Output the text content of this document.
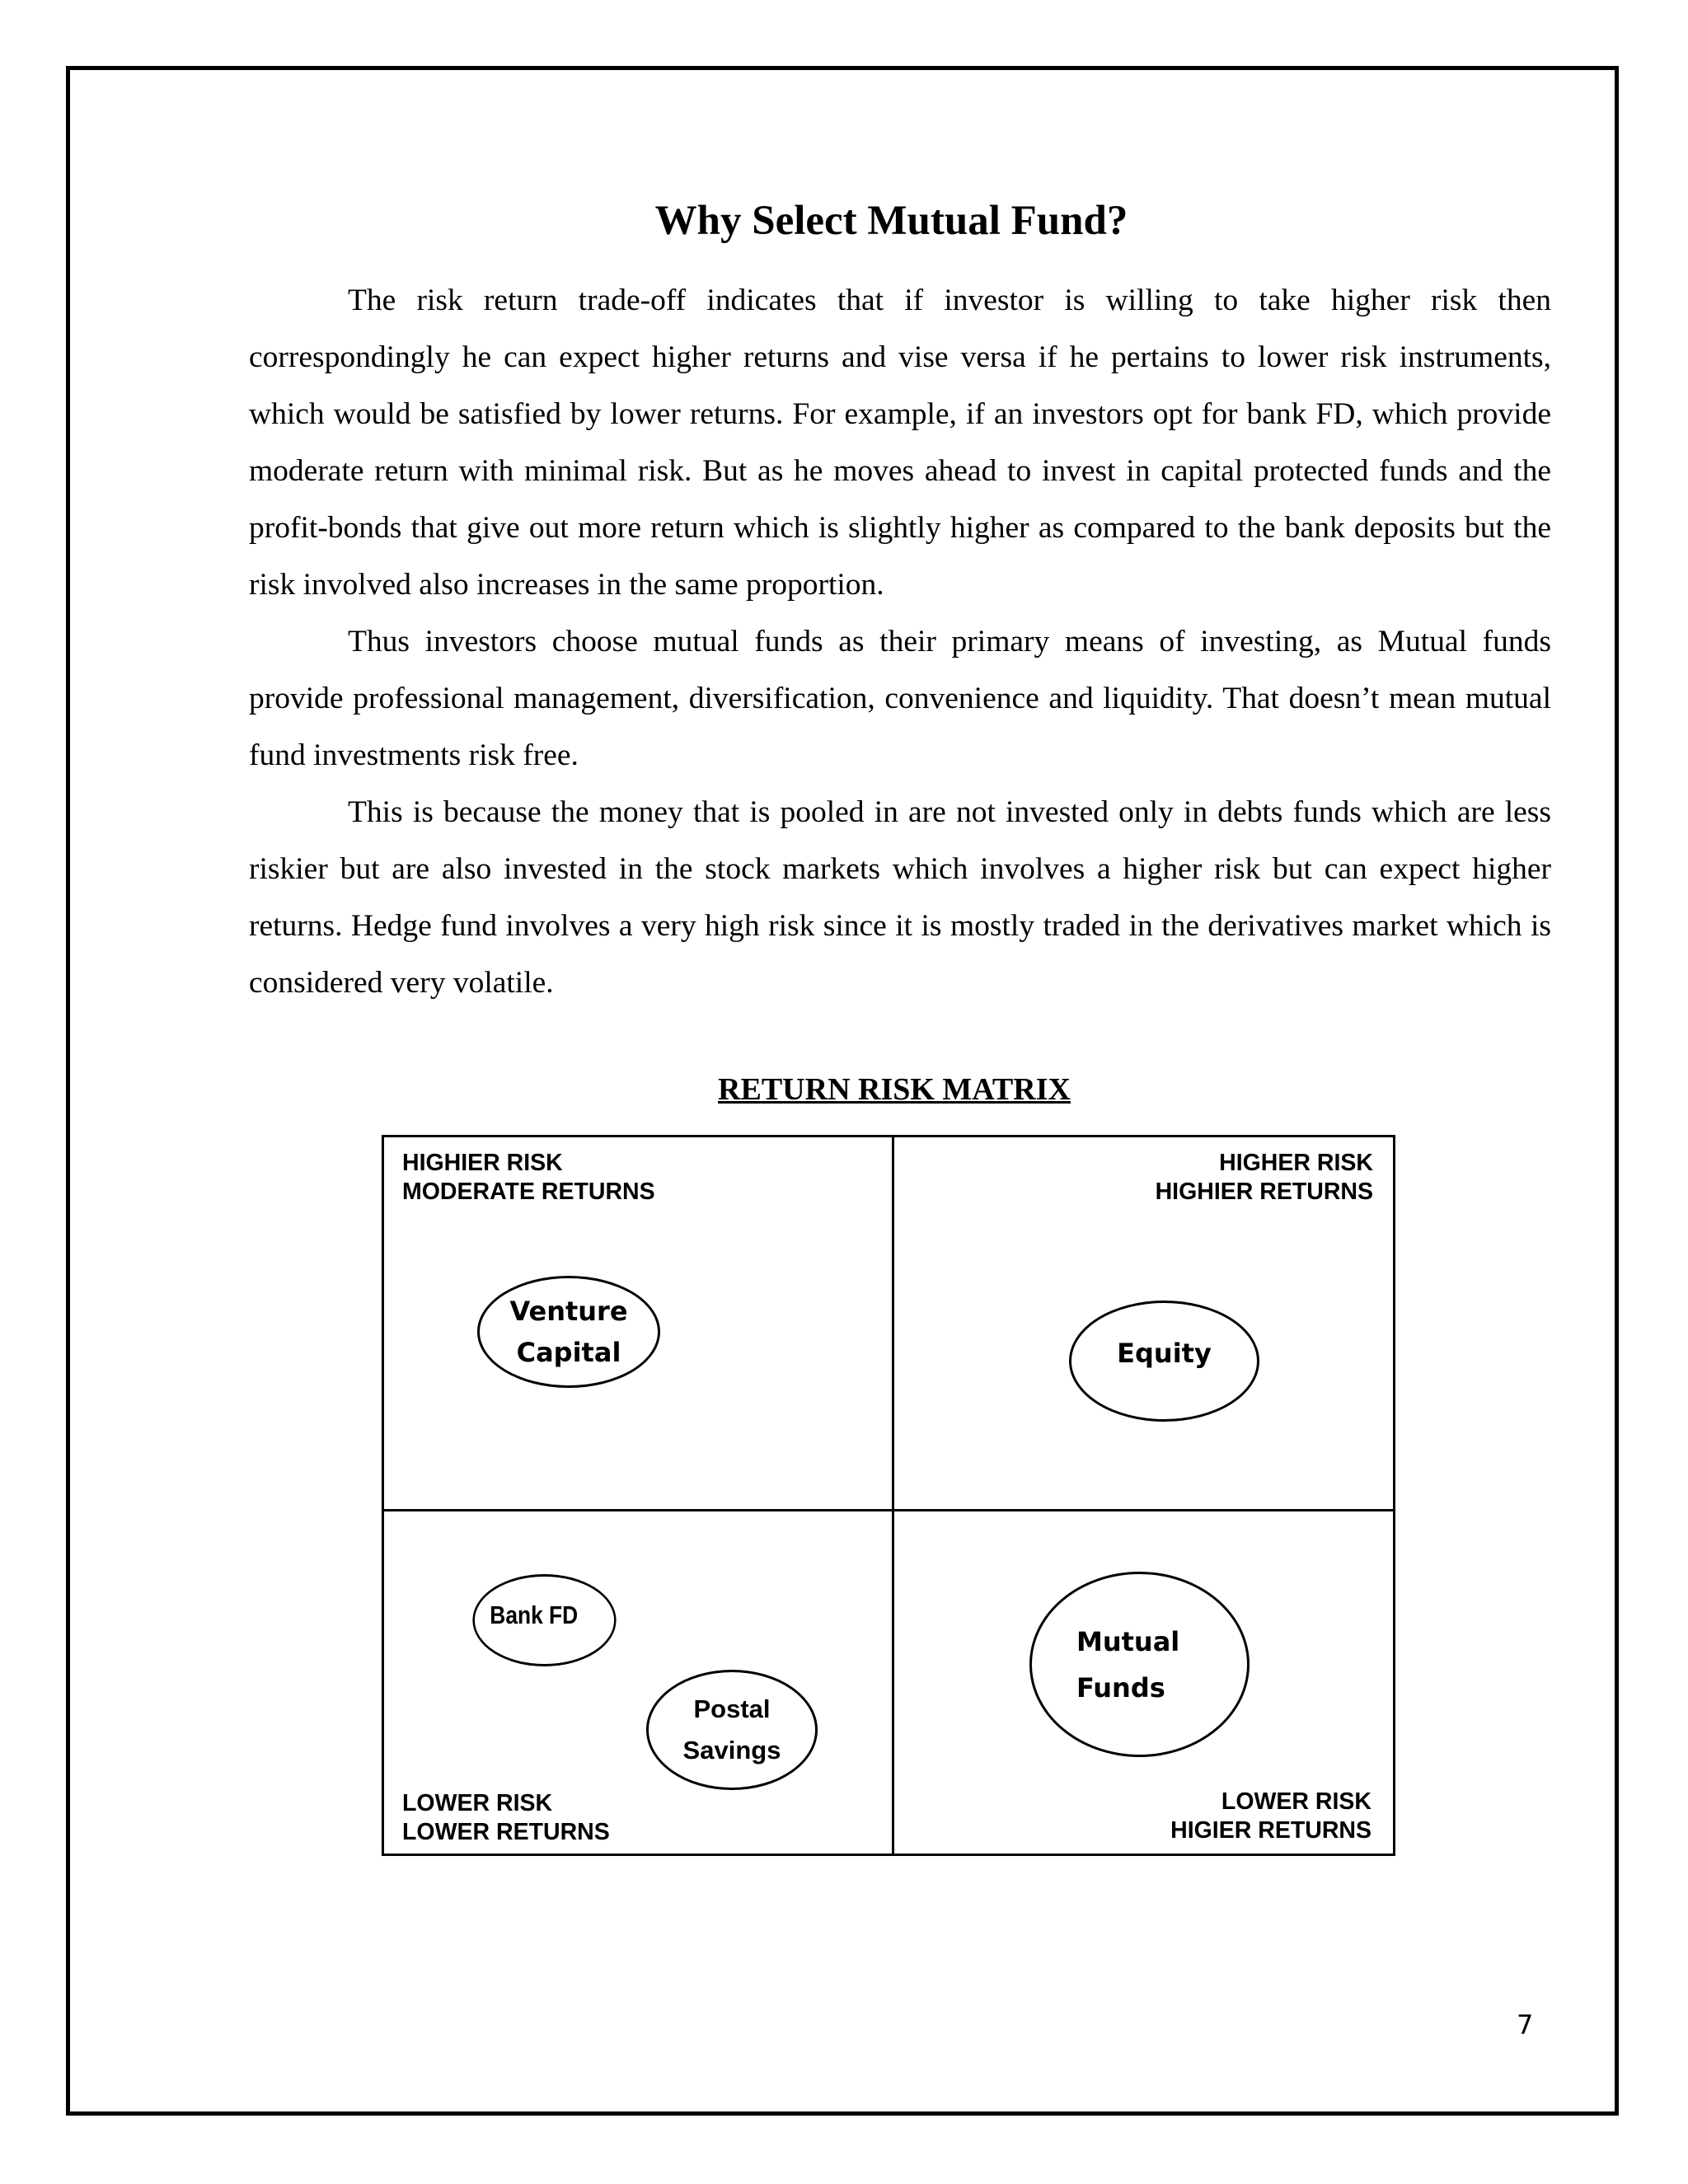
Why Select Mutual Fund?

The risk return trade-off indicates that if investor is willing to take higher risk then correspondingly he can expect higher returns and vise versa if he pertains to lower risk instruments, which would be satisfied by lower returns. For example, if an investors opt for bank FD, which provide moderate return with minimal risk. But as he moves ahead to invest in capital protected funds and the profit-bonds that give out more return which is slightly higher as compared to the bank deposits but the risk involved also increases in the same proportion.

Thus investors choose mutual funds as their primary means of investing, as Mutual funds provide professional management, diversification, convenience and liquidity. That doesn’t mean mutual fund investments risk free.

This is because the money that is pooled in are not invested only in debts funds which are less riskier but are also invested in the stock markets which involves a higher risk but can expect higher returns. Hedge fund involves a very high risk since it is mostly traded in the derivatives market which is considered very volatile.

RETURN RISK MATRIX
HIGHIER RISK
MODERATE RETURNS
HIGHER RISK
HIGHIER RETURNS
LOWER RISK
LOWER RETURNS
LOWER RISK
HIGIER RETURNS
Venture
Capital	Equity
Bank FD
Postal
Savings
Mutual
Funds
7
